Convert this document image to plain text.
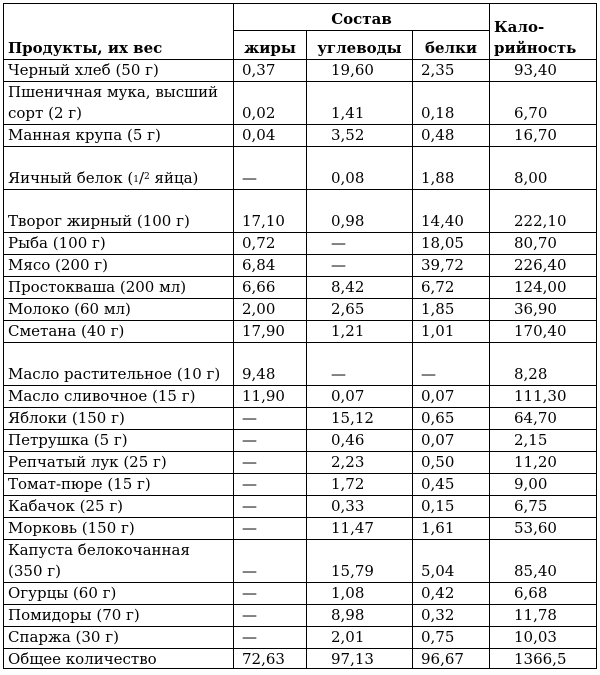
Продукты, их вес	Состав			Кало-
рийность
	жиры	углеводы	белки	
Черный хлеб (50 г)	0,37	19,60	2,35	93,40
Пшеничная мука, высший сорт (2 г)	0,02	1,41	0,18	6,70
Манная крупа (5 г)	0,04	3,52	0,48	16,70
Яичный белок ($^1/_2$ яйца)	—	0,08	1,88	8,00
Творог жирный (100 г)	17,10	0,98	14,40	222,10
Рыба (100 г)	0,72	—	18,05	80,70
Мясо (200 г)	6,84	—	39,72	226,40
Простокваша (200 мл)	6,66	8,42	6,72	124,00
Молоко (60 мл)	2,00	2,65	1,85	36,90
Сметана (40 г)	17,90	1,21	1,01	170,40
Масло растительное (10 г)	9,48	—	—	8,28
Масло сливочное (15 г)	11,90	0,07	0,07	111,30
Яблоки (150 г)	—	15,12	0,65	64,70
Петрушка (5 г)	—	0,46	0,07	2,15
Репчатый лук (25 г)	—	2,23	0,50	11,20
Томат-пюре (15 г)	—	1,72	0,45	9,00
Кабачок (25 г)	—	0,33	0,15	6,75
Морковь (150 г)	—	11,47	1,61	53,60
Капуста белокочанная (350 г)	—	15,79	5,04	85,40
Огурцы (60 г)	—	1,08	0,42	6,68
Помидоры (70 г)	—	8,98	0,32	11,78
Спаржа (30 г)	—	2,01	0,75	10,03
Общее количество	72,63	97,13	96,67	1366,5
